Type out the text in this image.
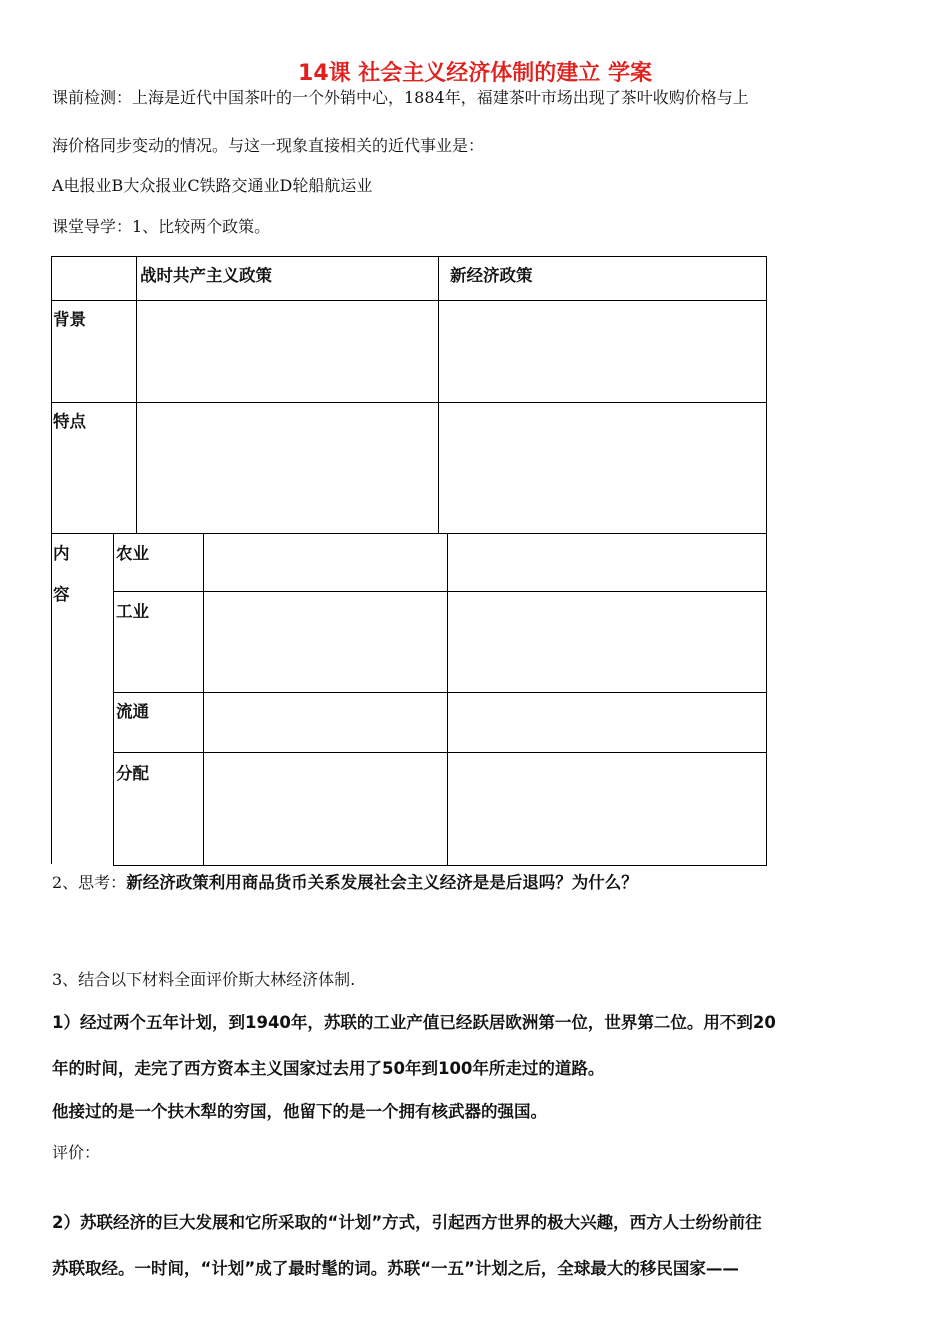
14课 社会主义经济体制的建立 学案
课前检测：上海是近代中国茶叶的一个外销中心，1884年，福建茶叶市场出现了茶叶收购价格与上
海价格同步变动的情况。与这一现象直接相关的近代事业是：
A电报业B大众报业C铁路交通业D轮船航运业
课堂导学：1、比较两个政策。
战时共产主义政策	新经济政策
背景
特点
内
容
农业
工业
流通
分配
2、思考：新经济政策利用商品货币关系发展社会主义经济是是后退吗？为什么？
3、结合以下材料全面评价斯大林经济体制.
1）经过两个五年计划，到1940年，苏联的工业产值已经跃居欧洲第一位，世界第二位。用不到20
年的时间，走完了西方资本主义国家过去用了50年到100年所走过的道路。
他接过的是一个扶木犁的穷国，他留下的是一个拥有核武器的强国。
评价：
2）苏联经济的巨大发展和它所采取的“计划”方式，引起西方世界的极大兴趣，西方人士纷纷前往
苏联取经。一时间，“计划”成了最时髦的词。苏联“一五”计划之后，全球最大的移民国家——
